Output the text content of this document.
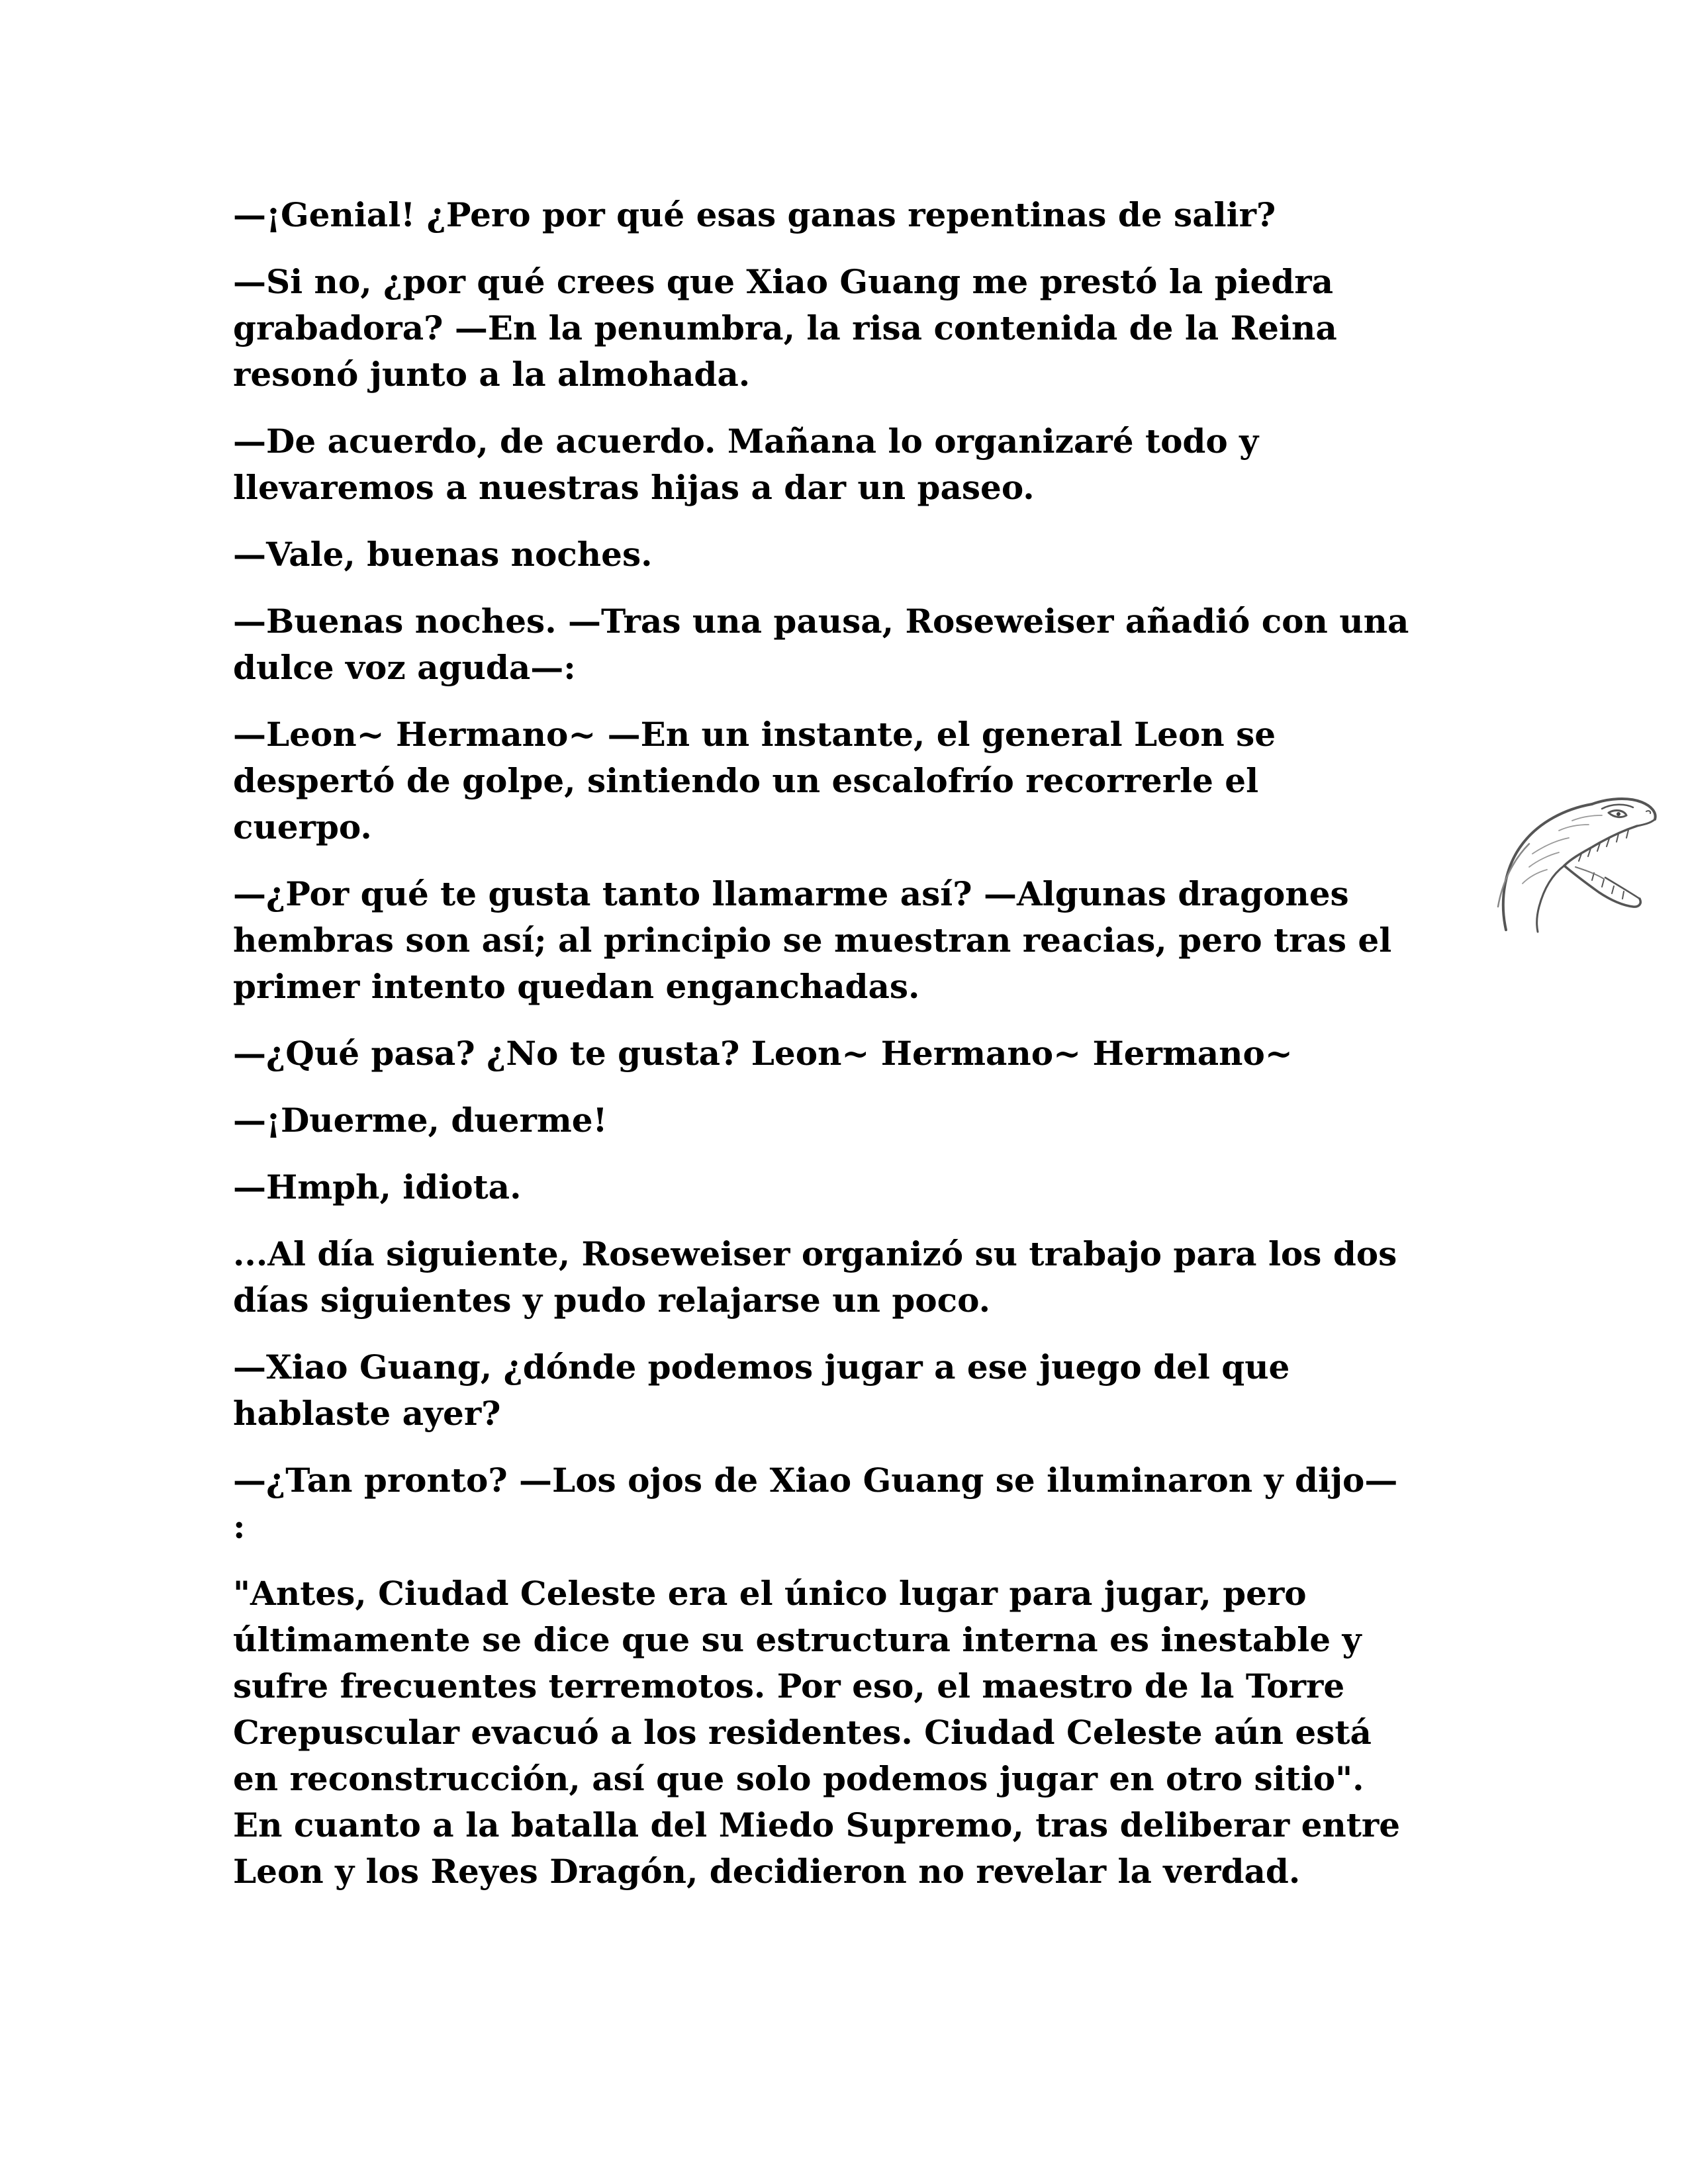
—¡Genial! ¿Pero por qué esas ganas repentinas de salir?

—Si no, ¿por qué crees que Xiao Guang me prestó la piedra
grabadora? —En la penumbra, la risa contenida de la Reina
resonó junto a la almohada.

—De acuerdo, de acuerdo. Mañana lo organizaré todo y
llevaremos a nuestras hijas a dar un paseo.

—Vale, buenas noches.

—Buenas noches. —Tras una pausa, Roseweiser añadió con una
dulce voz aguda—:

—Leon~ Hermano~ —En un instante, el general Leon se
despertó de golpe, sintiendo un escalofrío recorrerle el
cuerpo.

—¿Por qué te gusta tanto llamarme así? —Algunas dragones
hembras son así; al principio se muestran reacias, pero tras el
primer intento quedan enganchadas.

—¿Qué pasa? ¿No te gusta? Leon~ Hermano~ Hermano~

—¡Duerme, duerme!

—Hmph, idiota.

...Al día siguiente, Roseweiser organizó su trabajo para los dos
días siguientes y pudo relajarse un poco.

—Xiao Guang, ¿dónde podemos jugar a ese juego del que
hablaste ayer?

—¿Tan pronto? —Los ojos de Xiao Guang se iluminaron y dijo—
:

"Antes, Ciudad Celeste era el único lugar para jugar, pero
últimamente se dice que su estructura interna es inestable y
sufre frecuentes terremotos. Por eso, el maestro de la Torre
Crepuscular evacuó a los residentes. Ciudad Celeste aún está
en reconstrucción, así que solo podemos jugar en otro sitio".

En cuanto a la batalla del Miedo Supremo, tras deliberar entre
Leon y los Reyes Dragón, decidieron no revelar la verdad.
